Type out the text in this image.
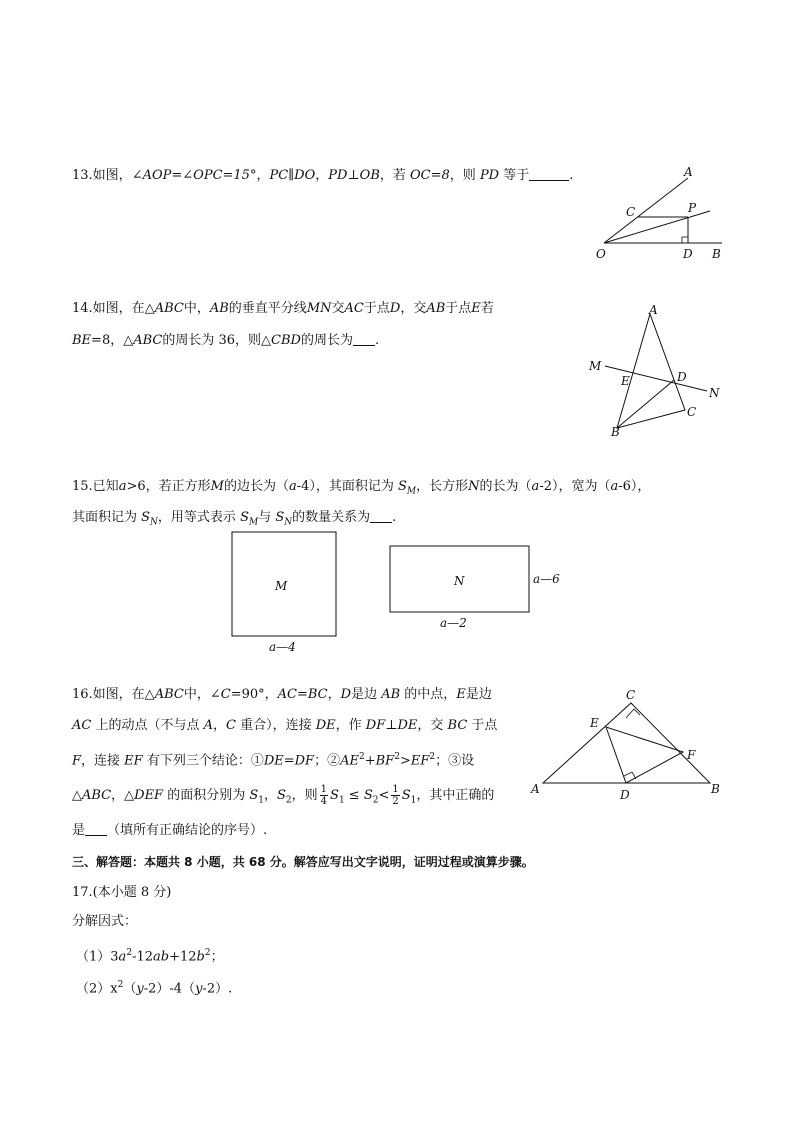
13.如图，∠AOP=∠OPC=15°，PC∥DO，PD⊥OB，若 OC=8，则 PD 等于	.	A
C	P
O	D B
14.如图，在△ABC中，AB的垂直平分线MN交AC于点D，交AB于点E若
BE=8，△ABC的周长为 36，则△CBD的周长为 .
A
M
E	D
N
B
C
15.已知a>6，若正方形M的边长为（a-4），其面积记为 $S_M$，长方形N的长为（a-2），宽为（a-6），
其面积记为 $S_N$，用等式表示 $S_M$与 $S_N$的数量关系为 .
M	N
a—4
a—2
a—6
16.如图，在△ABC中，∠C=90°，AC=BC，D是边 AB 的中点，E是边
AC 上的动点（不与点 A，C 重合），连接 DE，作 DF⊥DE，交 BC 于点
F，连接 EF 有下列三个结论：①DE=DF；$②AE^2+BF^2>EF^2$；③设
△ABC，△DEF 的面积分别为 $S_1$，$S_2$，则 $\frac{1}{4} S_1 \le S_2< \frac{1}{2} S_1$，其中正确的
是 （填所有正确结论的序号）.
C
E
F
A	D	B
三、解答题：本题共 8 小题，共 68 分。解答应写出文字说明，证明过程或演算步骤。
17.(本小题 8 分)
分解因式：
$(1)3a^2-12ab+12b^2$；
$(2)x^2(y-2)-4(y-2)$.
